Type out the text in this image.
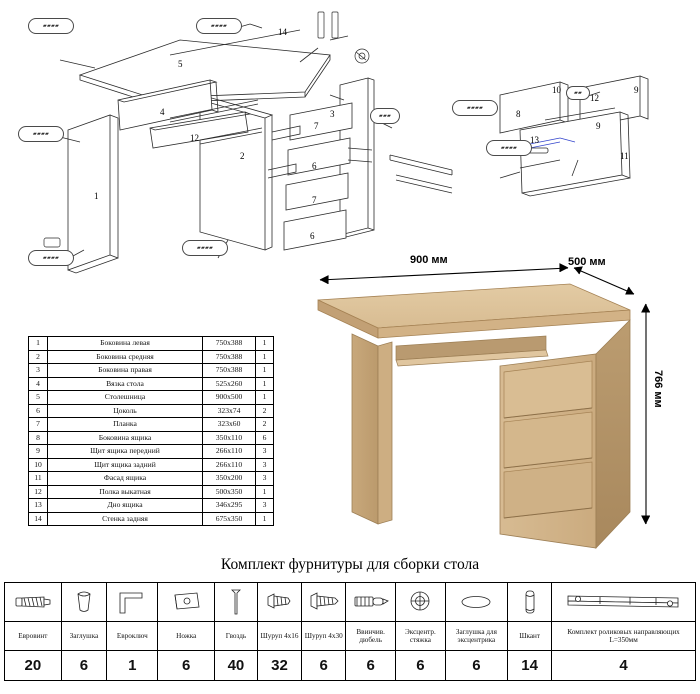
▰▰▰▰
▰▰▰▰
▰▰▰▰
▰▰▰▰	▰▰▰▰
▰▰▰
▰▰▰▰
▰▰▰▰
▰▰
14
5
4
12
2
1
3
7
6
7
6
8
10
12
9
9
13
11
1	Боковина левая	750x388	1
2	Боковина средняя	750x388	1
3	Боковина правая	750x388	1
4	Вязка стола	525x260	1
5	Столешница	900x500	1
6	Цоколь	323x74	2
7	Планка	323x60	2
8	Боковина ящика	350x110	6
9	Щит ящика передний	266x110	3
10	Щит ящика задний	266x110	3
11	Фасад ящика	350x200	3
12	Полка выкатная	500x350	1
13	Дно ящика	346x295	3
14	Стенка задняя	675x350	1
900 мм	500 мм
766 мм
Комплект фурнитуры для сборки стола

Евровинт	Заглушка	Евроключ	Ножка	Гвоздь	Шуруп 4х16	Шуруп 4х30	Ввинчив. дюбель	Эксцентр. стяжка	Заглушка для эксцентрика	Шкант	Комплект роликовых направляющих L=350мм
20	6	1	6	40	32	6	6	6	6	14	4
